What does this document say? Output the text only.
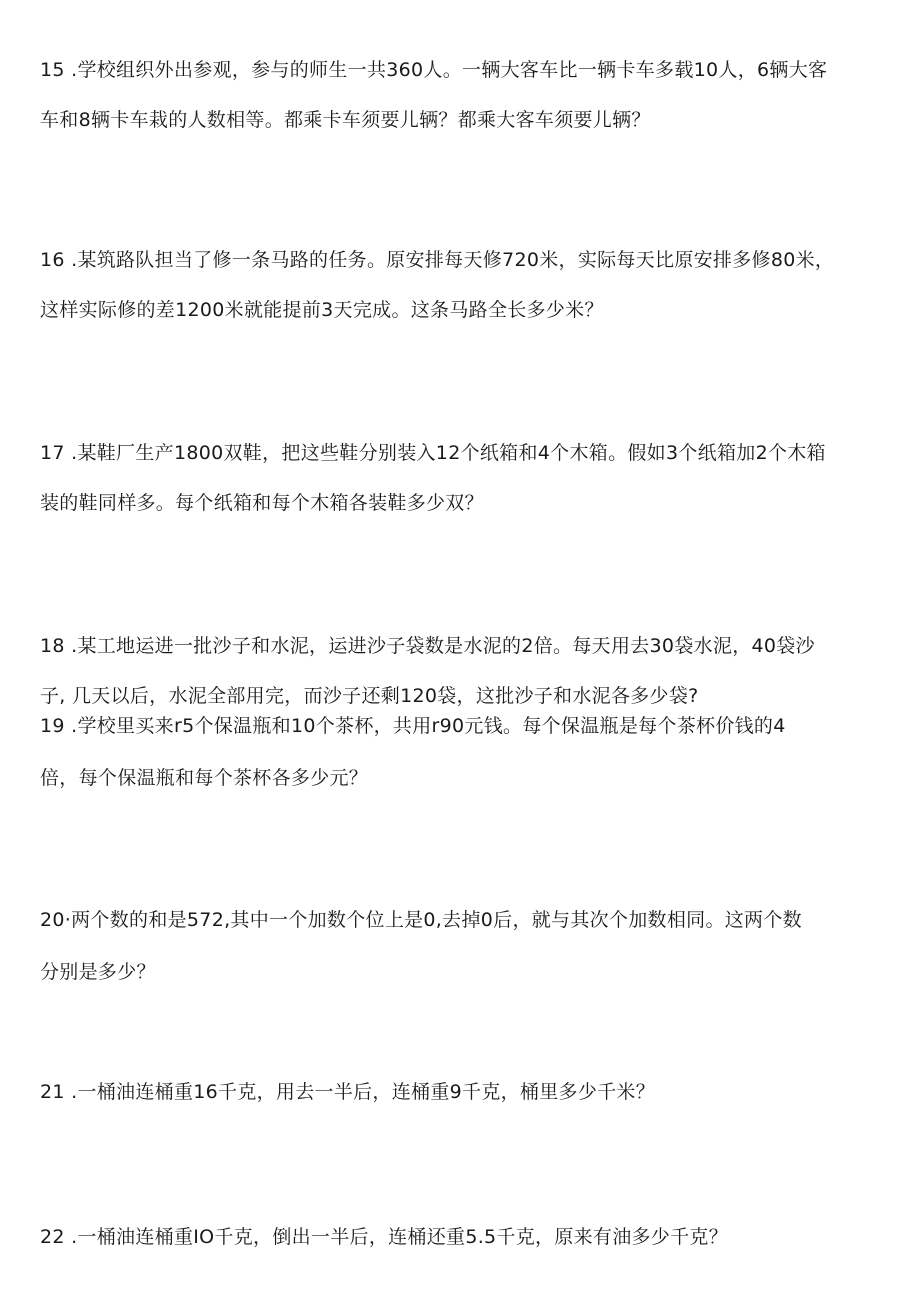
15 .学校组织外出参观，参与的师生一共360人。一辆大客车比一辆卡车多载10人，6辆大客
车和8辆卡车栽的人数相等。都乘卡车须要儿辆？都乘大客车须要儿辆？
16 .某筑路队担当了修一条马路的任务。原安排每天修720米，实际每天比原安排多修80米，
这样实际修的差1200米就能提前3天完成。这条马路全长多少米？
17 .某鞋厂生产1800双鞋，把这些鞋分别装入12个纸箱和4个木箱。假如3个纸箱加2个木箱
装的鞋同样多。每个纸箱和每个木箱各装鞋多少双？
18 .某工地运进一批沙子和水泥，运进沙子袋数是水泥的2倍。每天用去30袋水泥，40袋沙
子, 几天以后，水泥全部用完，而沙子还剩120袋，这批沙子和水泥各多少袋?
19 .学校里买来r5个保温瓶和10个茶杯，共用r90元钱。每个保温瓶是每个茶杯价钱的4
倍，每个保温瓶和每个茶杯各多少元？
20·两个数的和是572,其中一个加数个位上是0,去掉0后，就与其次个加数相同。这两个数
分别是多少？
21 .一桶油连桶重16千克，用去一半后，连桶重9千克，桶里多少千米？
22 .一桶油连桶重IO千克，倒出一半后，连桶还重5.5千克，原来有油多少千克？
